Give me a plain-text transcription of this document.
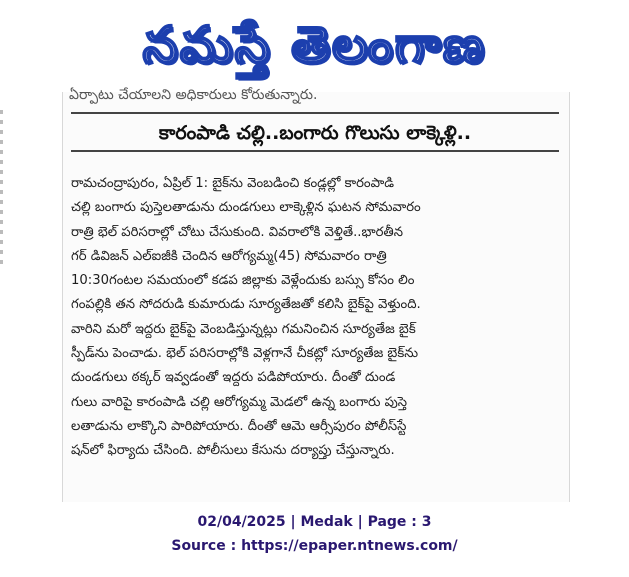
నమస్తే తెలంగాణ
ఏర్పాటు చేయాలని అధికారులు కోరుతున్నారు.
కారంపాడి చల్లి..బంగారు గొలుసు లాక్కెళ్లి..
రామచంద్రాపురం, ఏప్రిల్ 1: బైక్‌ను వెంబడించి కండ్లల్లో కారంపాడి
చల్లి బంగారు పుస్తెలతాడును దుండగులు లాక్కెళ్లిన ఘటన సోమవారం
రాత్రి భెల్ పరిసరాల్లో చోటు చేసుకుంది. వివరాలోకి వెళ్తితే..భారతీన
గర్ డివిజన్ ఎల్ఐజీకి చెందిన ఆరోగ్యమ్మ(45) సోమవారం రాత్రి
10:30గంటల సమయంలో కడప జిల్లాకు వెళ్లేందుకు బస్సు కోసం లిం
గంపల్లికి తన సోదరుడి కుమారుడు సూర్యతేజతో కలిసి బైక్‌పై వెళ్తుంది.
వారిని మరో ఇద్దరు బైక్‌పై వెంబడిస్తున్నట్లు గమనించిన సూర్యతేజ బైక్
స్పీడ్‌ను పెంచాడు. భెల్ పరిసరాల్లోకి వెళ్లగానే చీకట్లో సూర్యతేజ బైక్‌ను
దుండగులు ఠక్కర్ ఇవ్వడంతో ఇద్దరు పడిపోయారు. దీంతో దుండ
గులు వారిపై కారంపాడి చల్లి ఆరోగ్యమ్మ మెడలో ఉన్న బంగారు పుస్తె
లతాడును లాక్కొని పారిపోయారు. దీంతో ఆమె ఆర్సీపురం పోలీస్‌స్టే
షన్‌లో ఫిర్యాదు చేసింది. పోలీసులు కేసును దర్యాప్తు చేస్తున్నారు.
02/04/2025 | Medak | Page : 3
Source : https://epaper.ntnews.com/
